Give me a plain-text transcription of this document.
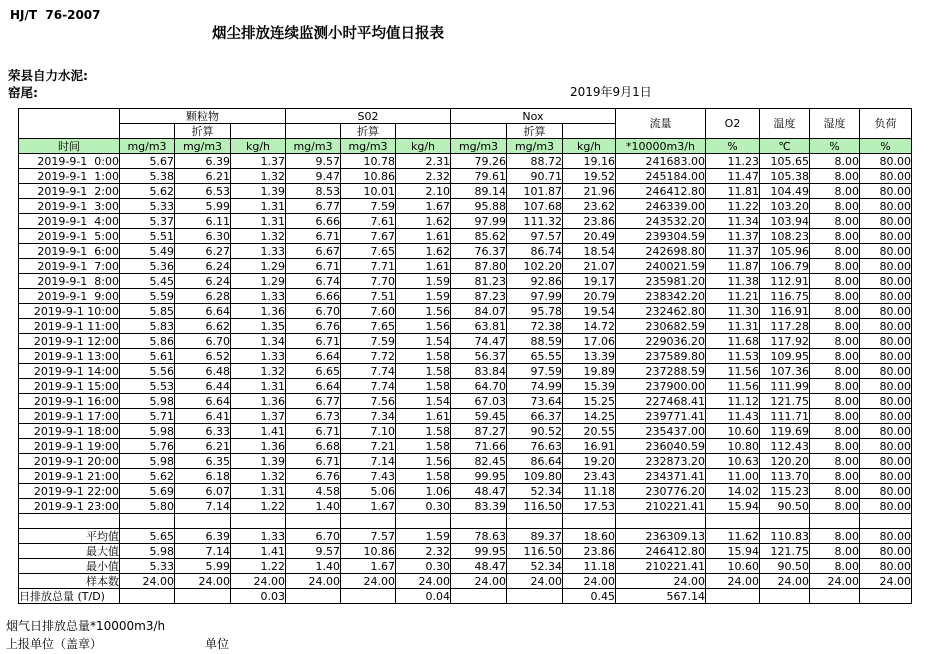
HJ/T  76-2007
烟尘排放连续监测小时平均值日报表
荣县自力水泥:
窑尾:	2019年9月1日
	颗粒物			S02			Nox			流量	O2	温度	湿度	负荷
		折算			折算			折算						
时间	mg/m3	mg/m3	kg/h	mg/m3	mg/m3	kg/h	mg/m3	mg/m3	kg/h	*10000m3/h	%	℃	%	%
2019-9-1  0:00	5.67	6.39	1.37	9.57	10.78	2.31	79.26	88.72	19.16	241683.00	11.23	105.65	8.00	80.00
2019-9-1  1:00	5.38	6.21	1.32	9.47	10.86	2.32	79.61	90.71	19.52	245184.00	11.47	105.38	8.00	80.00
2019-9-1  2:00	5.62	6.53	1.39	8.53	10.01	2.10	89.14	101.87	21.96	246412.80	11.81	104.49	8.00	80.00
2019-9-1  3:00	5.33	5.99	1.31	6.77	7.59	1.67	95.88	107.68	23.62	246339.00	11.22	103.20	8.00	80.00
2019-9-1  4:00	5.37	6.11	1.31	6.66	7.61	1.62	97.99	111.32	23.86	243532.20	11.34	103.94	8.00	80.00
2019-9-1  5:00	5.51	6.30	1.32	6.71	7.67	1.61	85.62	97.57	20.49	239304.59	11.37	108.23	8.00	80.00
2019-9-1  6:00	5.49	6.27	1.33	6.67	7.65	1.62	76.37	86.74	18.54	242698.80	11.37	105.96	8.00	80.00
2019-9-1  7:00	5.36	6.24	1.29	6.71	7.71	1.61	87.80	102.20	21.07	240021.59	11.87	106.79	8.00	80.00
2019-9-1  8:00	5.45	6.24	1.29	6.74	7.70	1.59	81.23	92.86	19.17	235981.20	11.38	112.91	8.00	80.00
2019-9-1  9:00	5.59	6.28	1.33	6.66	7.51	1.59	87.23	97.99	20.79	238342.20	11.21	116.75	8.00	80.00
2019-9-1 10:00	5.85	6.64	1.36	6.70	7.60	1.56	84.07	95.78	19.54	232462.80	11.30	116.91	8.00	80.00
2019-9-1 11:00	5.83	6.62	1.35	6.76	7.65	1.56	63.81	72.38	14.72	230682.59	11.31	117.28	8.00	80.00
2019-9-1 12:00	5.86	6.70	1.34	6.71	7.59	1.54	74.47	88.59	17.06	229036.20	11.68	117.92	8.00	80.00
2019-9-1 13:00	5.61	6.52	1.33	6.64	7.72	1.58	56.37	65.55	13.39	237589.80	11.53	109.95	8.00	80.00
2019-9-1 14:00	5.56	6.48	1.32	6.65	7.74	1.58	83.84	97.59	19.89	237288.59	11.56	107.36	8.00	80.00
2019-9-1 15:00	5.53	6.44	1.31	6.64	7.74	1.58	64.70	74.99	15.39	237900.00	11.56	111.99	8.00	80.00
2019-9-1 16:00	5.98	6.64	1.36	6.77	7.56	1.54	67.03	73.64	15.25	227468.41	11.12	121.75	8.00	80.00
2019-9-1 17:00	5.71	6.41	1.37	6.73	7.34	1.61	59.45	66.37	14.25	239771.41	11.43	111.71	8.00	80.00
2019-9-1 18:00	5.98	6.33	1.41	6.71	7.10	1.58	87.27	90.52	20.55	235437.00	10.60	119.69	8.00	80.00
2019-9-1 19:00	5.76	6.21	1.36	6.68	7.21	1.58	71.66	76.63	16.91	236040.59	10.80	112.43	8.00	80.00
2019-9-1 20:00	5.98	6.35	1.39	6.71	7.14	1.56	82.45	86.64	19.20	232873.20	10.63	120.20	8.00	80.00
2019-9-1 21:00	5.62	6.18	1.32	6.76	7.43	1.58	99.95	109.80	23.43	234371.41	11.00	113.70	8.00	80.00
2019-9-1 22:00	5.69	6.07	1.31	4.58	5.06	1.06	48.47	52.34	11.18	230776.20	14.02	115.23	8.00	80.00
2019-9-1 23:00	5.80	7.14	1.22	1.40	1.67	0.30	83.39	116.50	17.53	210221.41	15.94	90.50	8.00	80.00

平均值	5.65	6.39	1.33	6.70	7.57	1.59	78.63	89.37	18.60	236309.13	11.62	110.83	8.00	80.00
最大值	5.98	7.14	1.41	9.57	10.86	2.32	99.95	116.50	23.86	246412.80	15.94	121.75	8.00	80.00
最小值	5.33	5.99	1.22	1.40	1.67	0.30	48.47	52.34	11.18	210221.41	10.60	90.50	8.00	80.00
样本数	24.00	24.00	24.00	24.00	24.00	24.00	24.00	24.00	24.00	24.00	24.00	24.00	24.00	24.00
日排放总量 (T/D)			0.03			0.04			0.45	567.14				
烟气日排放总量*10000m3/h
上报单位（盖章）	单位
